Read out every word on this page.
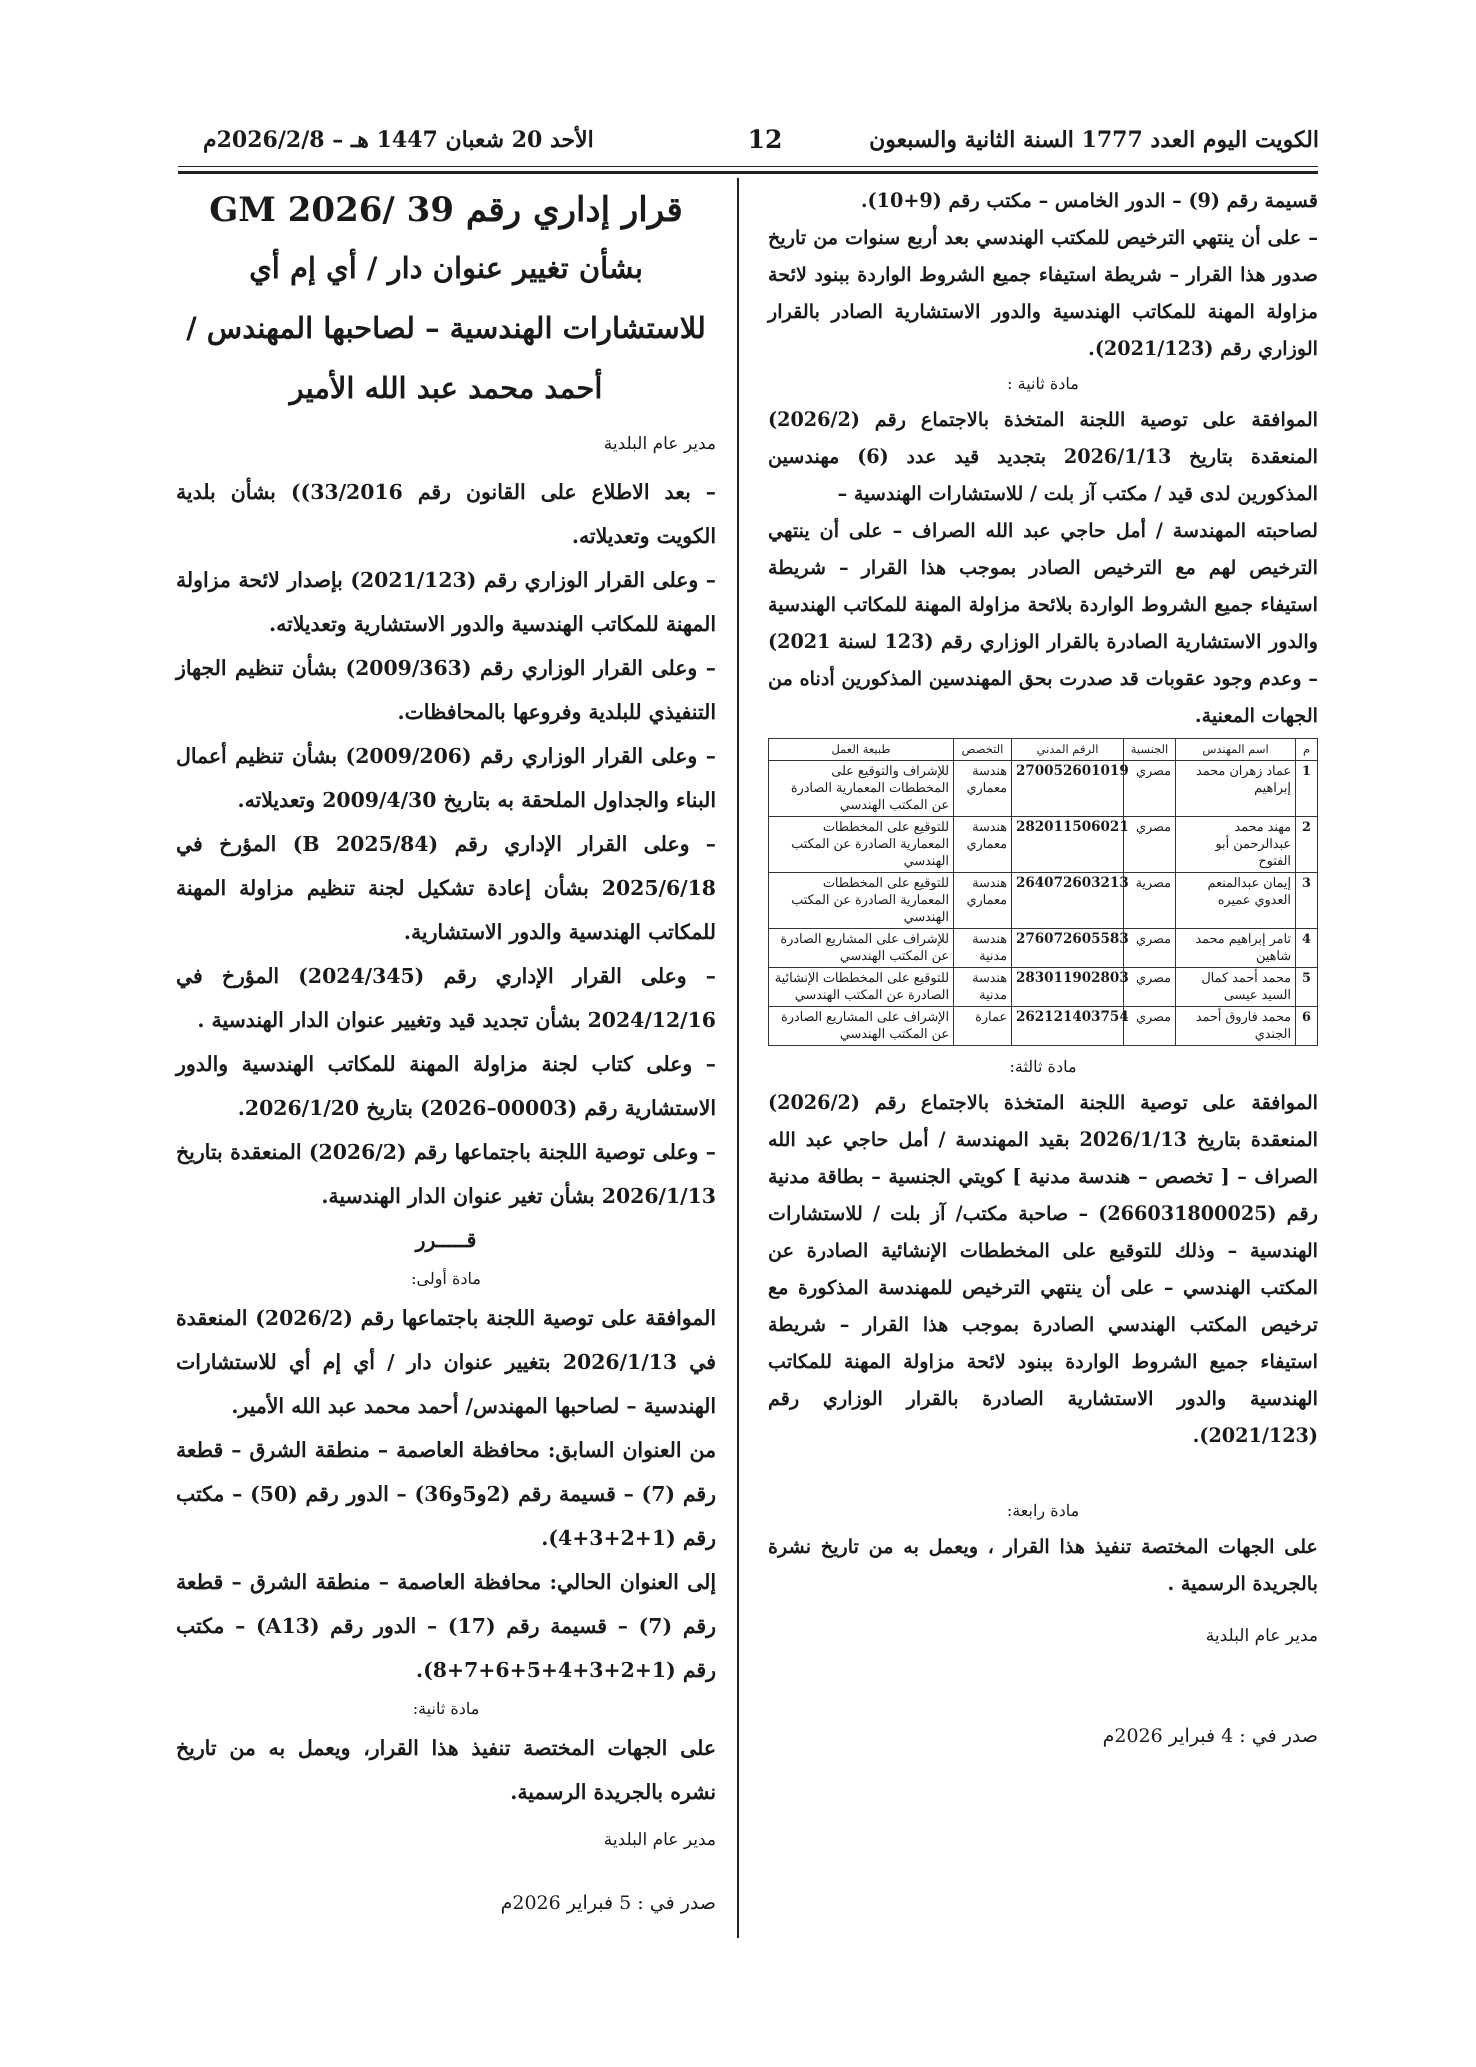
الكويت اليوم العدد 1777 السنة الثانية والسبعون
12
الأحد 20 شعبان 1447 هـ – 2026/2/8م

قسيمة رقم (9) – الدور الخامس – مكتب رقم (9+10).

– على أن ينتهي الترخيص للمكتب الهندسي بعد أربع سنوات من تاريخ صدور هذا القرار – شريطة استيفاء جميع الشروط الواردة ببنود لائحة مزاولة المهنة للمكاتب الهندسية والدور الاستشارية الصادر بالقرار الوزاري رقم (2021/123).

مادة ثانية :

الموافقة على توصية اللجنة المتخذة بالاجتماع رقم (2026/2) المنعقدة بتاريخ 2026/1/13 بتجديد قيد عدد (6) مهندسين المذكورين لدى قيد / مكتب آز بلت / للاستشارات الهندسية –

لصاحبته المهندسة / أمل حاجي عبد الله الصراف – على أن ينتهي الترخيص لهم مع الترخيص الصادر بموجب هذا القرار – شريطة استيفاء جميع الشروط الواردة بلائحة مزاولة المهنة للمكاتب الهندسية والدور الاستشارية الصادرة بالقرار الوزاري رقم (123 لسنة 2021) – وعدم وجود عقوبات قد صدرت بحق المهندسين المذكورين أدناه من الجهات المعنية.

م	اسم المهندس	الجنسية	الرقم المدني	التخصص	طبيعة العمل
1	عماد زهران محمد إبراهيم	مصري	270052601019	هندسة معماري	للإشراف والتوقيع على المخططات المعمارية الصادرة عن المكتب الهندسي
2	مهند محمد عبدالرحمن أبو الفتوح	مصري	282011506021	هندسة معماري	للتوقيع على المخططات المعمارية الصادرة عن المكتب الهندسي
3	إيمان عبدالمنعم العدوي عميره	مصرية	264072603213	هندسة معماري	للتوقيع على المخططات المعمارية الصادرة عن المكتب الهندسي
4	تامر إبراهيم محمد شاهين	مصري	276072605583	هندسة مدنية	للإشراف على المشاريع الصادرة عن المكتب الهندسي
5	محمد أحمد كمال السيد عيسى	مصري	283011902803	هندسة مدنية	للتوقيع على المخططات الإنشائية الصادرة عن المكتب الهندسي
6	محمد فاروق أحمد الجندي	مصري	262121403754	عمارة	الإشراف على المشاريع الصادرة عن المكتب الهندسي

مادة ثالثة:

الموافقة على توصية اللجنة المتخذة بالاجتماع رقم (2026/2) المنعقدة بتاريخ 2026/1/13 بقيد المهندسة / أمل حاجي عبد الله الصراف – [ تخصص – هندسة مدنية ] كويتي الجنسية – بطاقة مدنية رقم (266031800025) – صاحبة مكتب/ آز بلت / للاستشارات الهندسية – وذلك للتوقيع على المخططات الإنشائية الصادرة عن المكتب الهندسي – على أن ينتهي الترخيص للمهندسة المذكورة مع ترخيص المكتب الهندسي الصادرة بموجب هذا القرار – شريطة استيفاء جميع الشروط الواردة ببنود لائحة مزاولة المهنة للمكاتب الهندسية والدور الاستشارية الصادرة بالقرار الوزاري رقم (2021/123).

مادة رابعة:

على الجهات المختصة تنفيذ هذا القرار ، ويعمل به من تاريخ نشرة بالجريدة الرسمية .

مدير عام البلدية

صدر في : 4 فبراير 2026م

قرار إداري رقم 39 /2026 GM

بشأن تغيير عنوان دار / أي إم أي للاستشارات الهندسية – لصاحبها المهندس / أحمد محمد عبد الله الأمير

مدير عام البلدية

– بعد الاطلاع على القانون رقم 33/2016)) بشأن بلدية الكويت وتعديلاته.

– وعلى القرار الوزاري رقم (2021/123) بإصدار لائحة مزاولة المهنة للمكاتب الهندسية والدور الاستشارية وتعديلاته.

– وعلى القرار الوزاري رقم (2009/363) بشأن تنظيم الجهاز التنفيذي للبلدية وفروعها بالمحافظات.

– وعلى القرار الوزاري رقم (2009/206) بشأن تنظيم أعمال البناء والجداول الملحقة به بتاريخ 2009/4/30 وتعديلاته.

– وعلى القرار الإداري رقم (B 2025/84) المؤرخ في 2025/6/18 بشأن إعادة تشكيل لجنة تنظيم مزاولة المهنة للمكاتب الهندسية والدور الاستشارية.

– وعلى القرار الإداري رقم (2024/345) المؤرخ في 2024/12/16 بشأن تجديد قيد وتغيير عنوان الدار الهندسية .

– وعلى كتاب لجنة مزاولة المهنة للمكاتب الهندسية والدور الاستشارية رقم (00003–2026) بتاريخ 2026/1/20.

– وعلى توصية اللجنة باجتماعها رقم (2026/2) المنعقدة بتاريخ 2026/1/13 بشأن تغير عنوان الدار الهندسية.

قـــــرر

مادة أولى:

الموافقة على توصية اللجنة باجتماعها رقم (2026/2) المنعقدة في 2026/1/13 بتغيير عنوان دار / أي إم أي للاستشارات الهندسية – لصاحبها المهندس/ أحمد محمد عبد الله الأمير.

من العنوان السابق: محافظة العاصمة – منطقة الشرق – قطعة رقم (7) – قسيمة رقم (2و5و36) – الدور رقم (50) – مكتب رقم (1+2+3+4).

إلى العنوان الحالي: محافظة العاصمة – منطقة الشرق – قطعة رقم (7) – قسيمة رقم (17) – الدور رقم (A13) – مكتب رقم (1+2+3+4+5+6+7+8).

مادة ثانية:

على الجهات المختصة تنفيذ هذا القرار، ويعمل به من تاريخ نشره بالجريدة الرسمية.

مدير عام البلدية

صدر في : 5 فبراير 2026م
